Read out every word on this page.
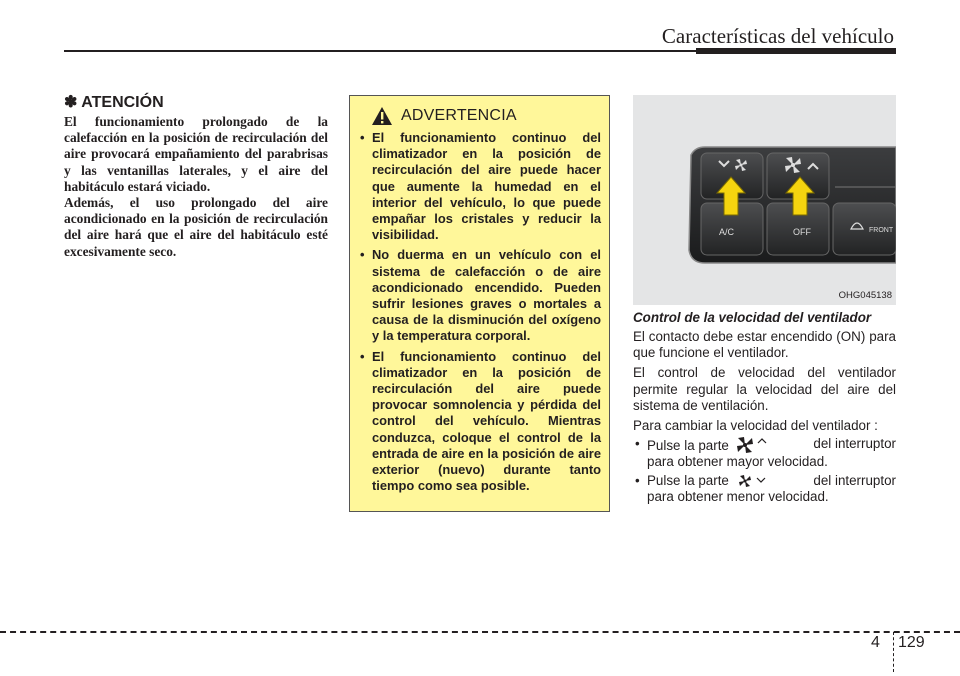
Características del vehículo
✽ ATENCIÓN

El funcionamiento prolongado de la calefacción en la posición de recirculación del aire provocará empañamiento del parabrisas y las ventanillas laterales, y el aire del habitáculo estará viciado.

Además, el uso prolongado del aire acondicionado en la posición de recirculación del aire hará que el aire del habitáculo esté excesivamente seco.

ADVERTENCIA
• El funcionamiento continuo del climatizador en la posición de recirculación del aire puede hacer que aumente la humedad en el interior del vehículo, lo que puede empañar los cristales y reducir la visibilidad.
• No duerma en un vehículo con el sistema de calefacción o de aire acondicionado encendido. Pueden sufrir lesiones graves o mortales a causa de la disminución del oxígeno y la temperatura corporal.
• El funcionamiento continuo del climatizador en la posición de recirculación del aire puede provocar somnolencia y pérdida del control del vehículo. Mientras conduzca, coloque el control de la entrada de aire en la posición de aire exterior (nuevo) durante tanto tiempo como sea posible.
A/C	OFF	FRONT
OHG045138
Control de la velocidad del ventilador

El contacto debe estar encendido (ON) para que funcione el ventilador.

El control de velocidad del ventilador permite regular la velocidad del aire del sistema de ventilación.

Para cambiar la velocidad del ventilador :

• Pulse la parte	del interruptor
para obtener mayor velocidad.
• Pulse la parte	del interruptor
para obtener menor velocidad.
4 129
